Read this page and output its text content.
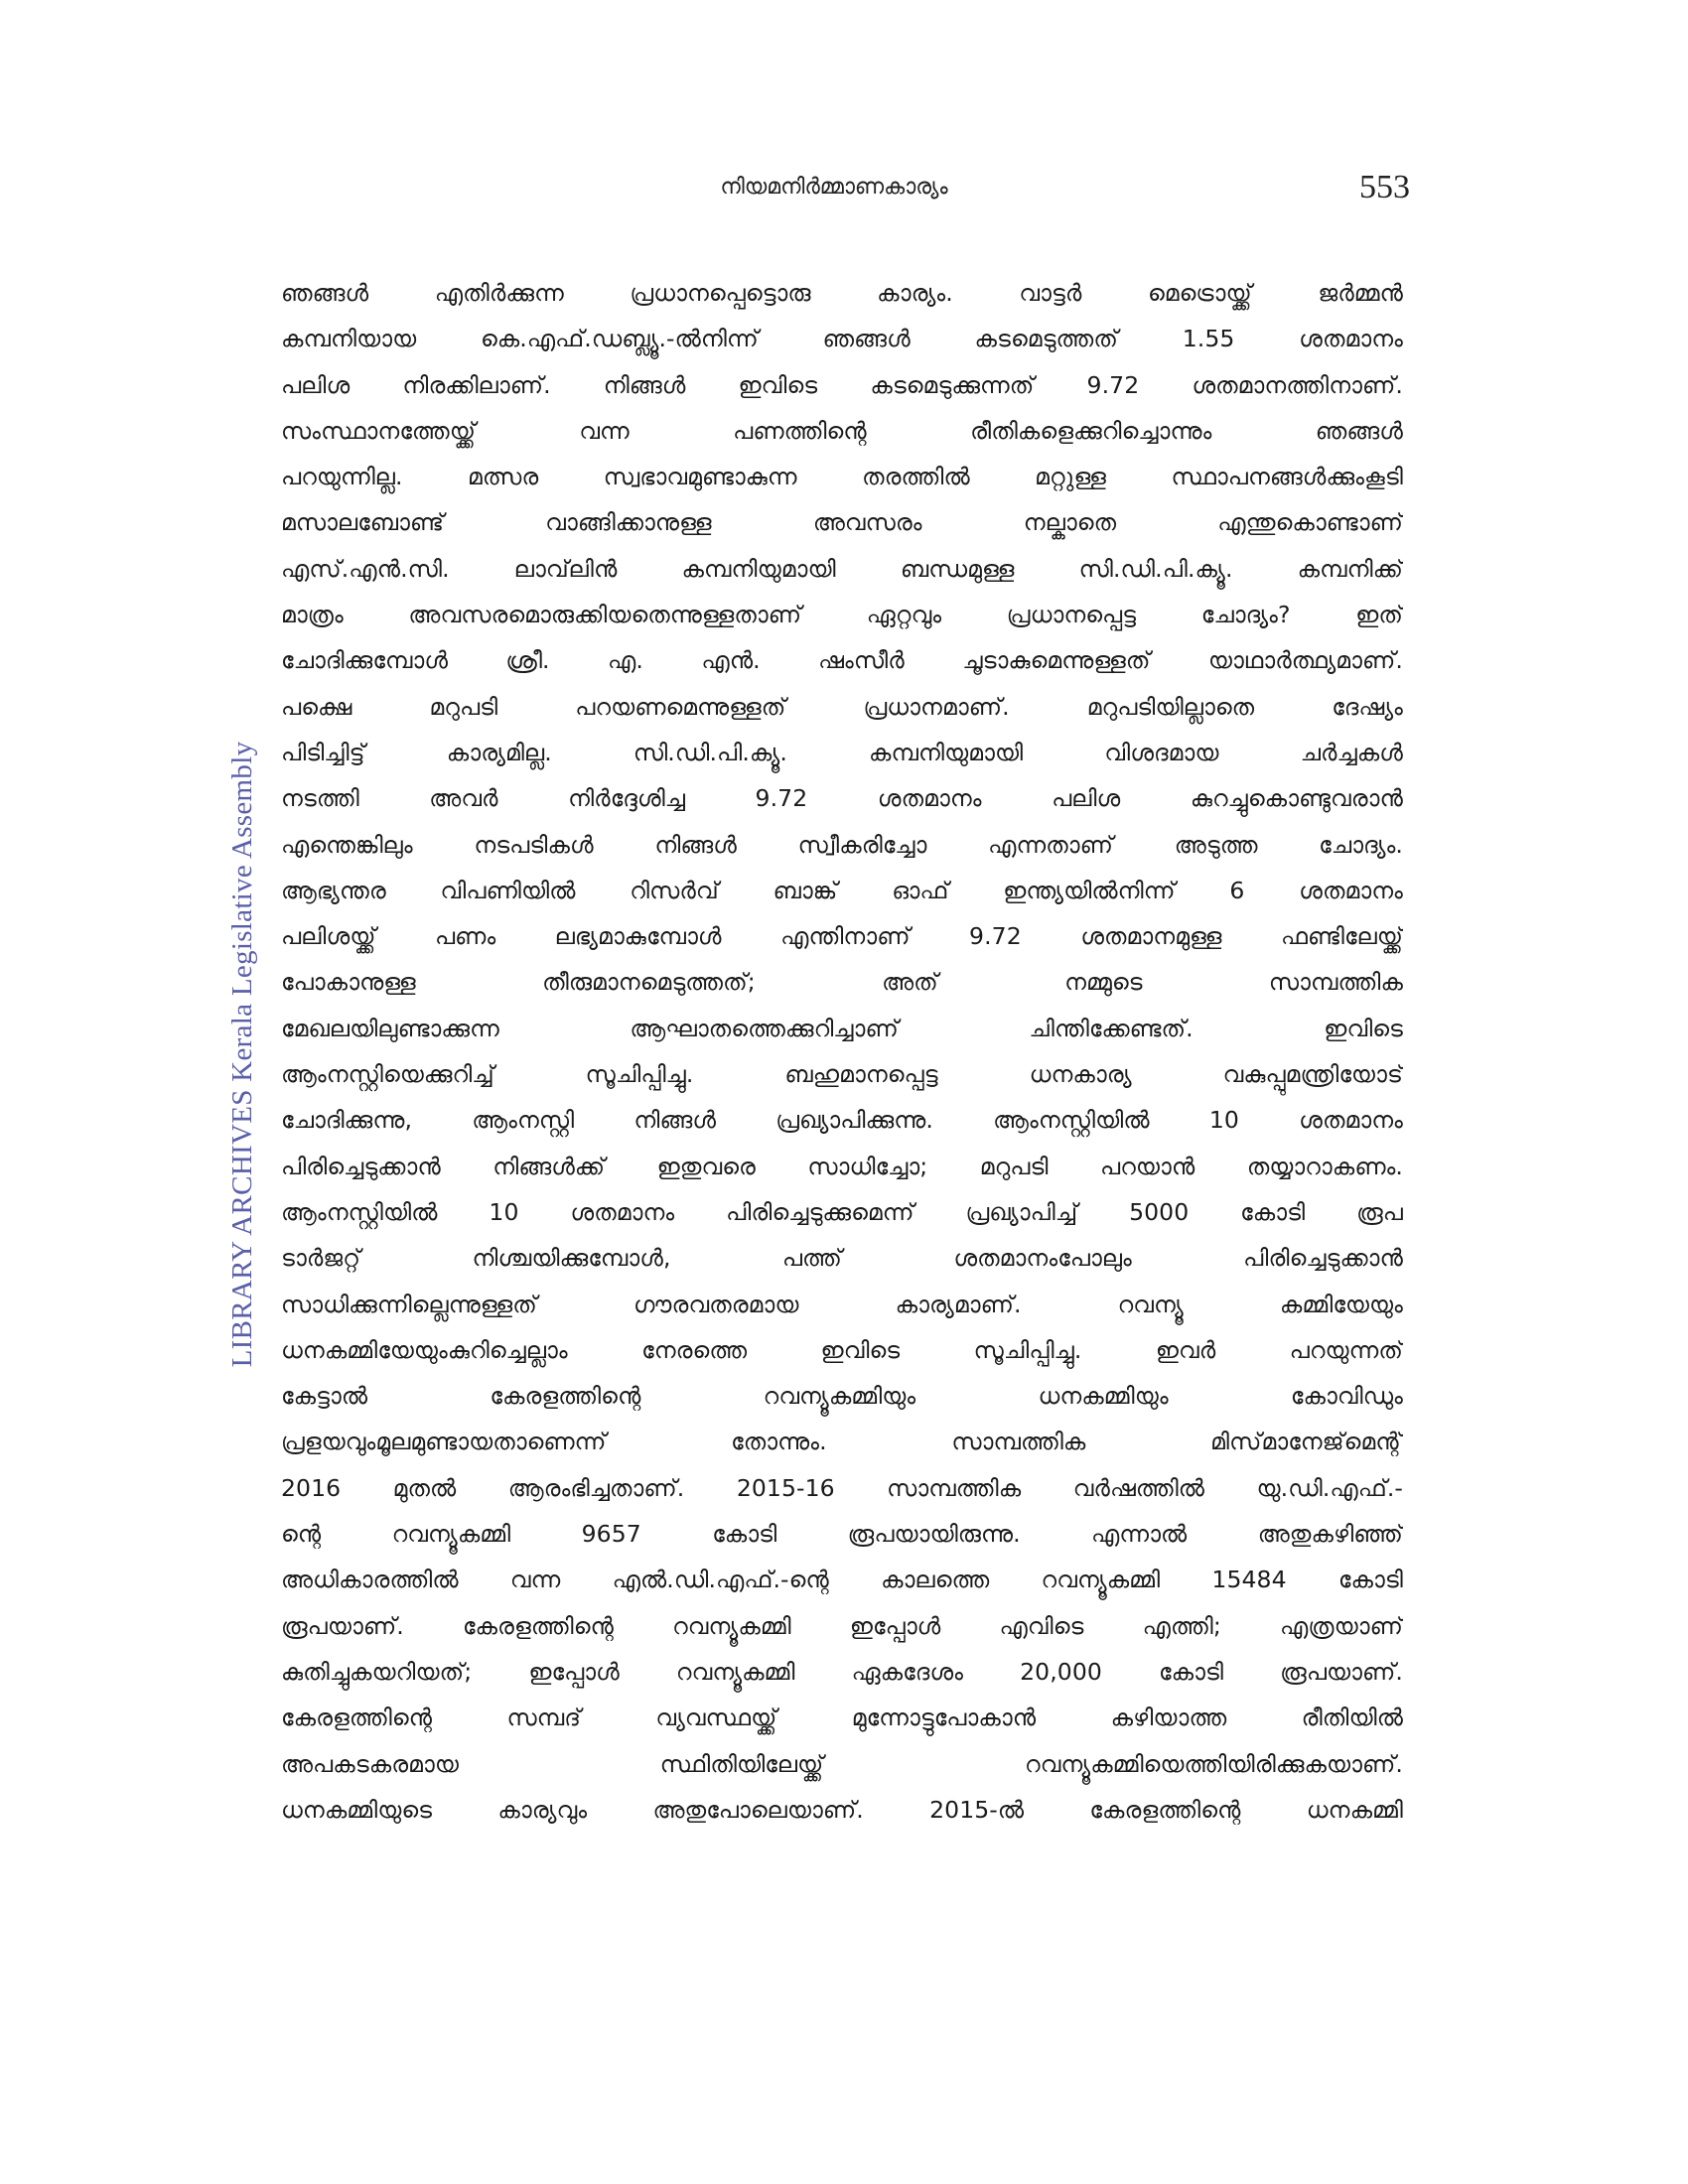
നിയമനിർമ്മാണകാര്യം	553
LIBRARY ARCHIVES Kerala Legislative Assembly
ഞങ്ങൾ എതിർക്കുന്ന പ്രധാനപ്പെട്ടൊരു കാര്യം. വാട്ടർ മെട്രൊയ്ക്ക് ജർമ്മൻ
കമ്പനിയായ കെ.എഫ്.ഡബ്ല്യൂ.-ൽനിന്ന് ഞങ്ങൾ കടമെടുത്തത് 1.55 ശതമാനം
പലിശ നിരക്കിലാണ്. നിങ്ങൾ ഇവിടെ കടമെടുക്കുന്നത് 9.72 ശതമാനത്തിനാണ്.
സംസ്ഥാനത്തേയ്ക്ക് വന്ന പണത്തിന്റെ രീതികളെക്കുറിച്ചൊന്നും ഞങ്ങൾ
പറയുന്നില്ല. മത്സര സ്വഭാവമുണ്ടാകുന്ന തരത്തിൽ മറ്റുള്ള സ്ഥാപനങ്ങൾക്കുംകൂടി
മസാലബോണ്ട് വാങ്ങിക്കാനുള്ള അവസരം നല്കാതെ എന്തുകൊണ്ടാണ്
എസ്.എൻ.സി. ലാവ്‌ലിൻ കമ്പനിയുമായി ബന്ധമുള്ള സി.ഡി.പി.ക്യൂ. കമ്പനിക്ക്
മാത്രം അവസരമൊരുക്കിയതെന്നുള്ളതാണ് ഏറ്റവും പ്രധാനപ്പെട്ട ചോദ്യം? ഇത്
ചോദിക്കുമ്പോൾ ശ്രീ. എ. എൻ. ഷംസീർ ചൂടാകുമെന്നുള്ളത് യാഥാർത്ഥ്യമാണ്.
പക്ഷെ മറുപടി പറയണമെന്നുള്ളത് പ്രധാനമാണ്. മറുപടിയില്ലാതെ ദേഷ്യം
പിടിച്ചിട്ട് കാര്യമില്ല. സി.ഡി.പി.ക്യൂ. കമ്പനിയുമായി വിശദമായ ചർച്ചകൾ
നടത്തി അവർ നിർദ്ദേശിച്ച 9.72 ശതമാനം പലിശ കുറച്ചുകൊണ്ടുവരാൻ
എന്തെങ്കിലും നടപടികൾ നിങ്ങൾ സ്വീകരിച്ചോ എന്നതാണ് അടുത്ത ചോദ്യം.
ആഭ്യന്തര വിപണിയിൽ റിസർവ് ബാങ്ക് ഓഫ് ഇന്ത്യയിൽനിന്ന് 6 ശതമാനം
പലിശയ്ക്ക് പണം ലഭ്യമാകുമ്പോൾ എന്തിനാണ് 9.72 ശതമാനമുള്ള ഫണ്ടിലേയ്ക്ക്
പോകാനുള്ള തീരുമാനമെടുത്തത്; അത് നമ്മുടെ സാമ്പത്തിക
മേഖലയിലുണ്ടാക്കുന്ന ആഘാതത്തെക്കുറിച്ചാണ് ചിന്തിക്കേണ്ടത്. ഇവിടെ
ആംനസ്റ്റിയെക്കുറിച്ച് സൂചിപ്പിച്ചു. ബഹുമാനപ്പെട്ട ധനകാര്യ വകുപ്പുമന്ത്രിയോട്
ചോദിക്കുന്നു, ആംനസ്റ്റി നിങ്ങൾ പ്രഖ്യാപിക്കുന്നു. ആംനസ്റ്റിയിൽ 10 ശതമാനം
പിരിച്ചെടുക്കാൻ നിങ്ങൾക്ക് ഇതുവരെ സാധിച്ചോ; മറുപടി പറയാൻ തയ്യാറാകണം.
ആംനസ്റ്റിയിൽ 10 ശതമാനം പിരിച്ചെടുക്കുമെന്ന് പ്രഖ്യാപിച്ച് 5000 കോടി രൂപ
ടാർജറ്റ് നിശ്ചയിക്കുമ്പോൾ, പത്ത് ശതമാനംപോലും പിരിച്ചെടുക്കാൻ
സാധിക്കുന്നില്ലെന്നുള്ളത് ഗൗരവതരമായ കാര്യമാണ്. റവന്യൂ കമ്മിയേയും
ധനകമ്മിയേയുംകുറിച്ചെല്ലാം നേരത്തെ ഇവിടെ സൂചിപ്പിച്ചു. ഇവർ പറയുന്നത്
കേട്ടാൽ കേരളത്തിന്റെ റവന്യൂകമ്മിയും ധനകമ്മിയും കോവിഡും
പ്രളയവുംമൂലമുണ്ടായതാണെന്ന് തോന്നും. സാമ്പത്തിക മിസ്‌മാനേജ്‌മെന്റ്
2016 മുതൽ ആരംഭിച്ചതാണ്. 2015-16 സാമ്പത്തിക വർഷത്തിൽ യു.ഡി.എഫ്.-
ന്റെ റവന്യൂകമ്മി 9657 കോടി രൂപയായിരുന്നു. എന്നാൽ അതുകഴിഞ്ഞ്
അധികാരത്തിൽ വന്ന എൽ.ഡി.എഫ്.-ന്റെ കാലത്തെ റവന്യൂകമ്മി 15484 കോടി
രൂപയാണ്. കേരളത്തിന്റെ റവന്യൂകമ്മി ഇപ്പോൾ എവിടെ എത്തി; എത്രയാണ്
കുതിച്ചുകയറിയത്; ഇപ്പോൾ റവന്യൂകമ്മി ഏകദേശം 20,000 കോടി രൂപയാണ്.
കേരളത്തിന്റെ സമ്പദ് വ്യവസ്ഥയ്ക്ക് മുന്നോട്ടുപോകാൻ കഴിയാത്ത രീതിയിൽ
അപകടകരമായ സ്ഥിതിയിലേയ്ക്ക് റവന്യൂകമ്മിയെത്തിയിരിക്കുകയാണ്.
ധനകമ്മിയുടെ കാര്യവും അതുപോലെയാണ്. 2015-ൽ കേരളത്തിന്റെ ധനകമ്മി
